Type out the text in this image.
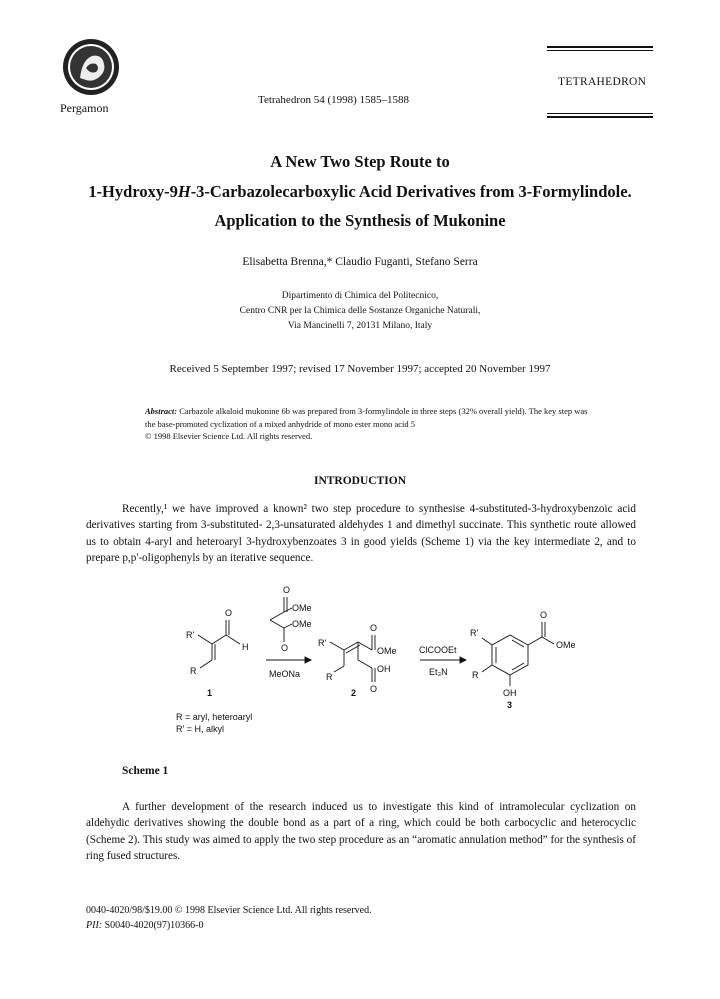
Pergamon
Tetrahedron 54 (1998) 1585–1588
TETRAHEDRON
A New Two Step Route to
1-Hydroxy-9H-3-Carbazolecarboxylic Acid Derivatives from 3-Formylindole.
Application to the Synthesis of Mukonine
Elisabetta Brenna,* Claudio Fuganti, Stefano Serra
Dipartimento di Chimica del Politecnico,
Centro CNR per la Chimica delle Sostanze Organiche Naturali,
Via Mancinelli 7, 20131 Milano, Italy
Received 5 September 1997; revised 17 November 1997; accepted 20 November 1997
Abstract: Carbazole alkaloid mukonine 6b was prepared from 3-formylindole in three steps (32% overall yield). The key step was the base-promoted cyclization of a mixed anhydride of mono ester mono acid 5
© 1998 Elsevier Science Ltd. All rights reserved.
INTRODUCTION

Recently,¹ we have improved a known² two step procedure to synthesise 4-substituted-3-hydroxybenzoic acid derivatives starting from 3-substituted- 2,3-unsaturated aldehydes 1 and dimethyl succinate. This synthetic route allowed us to obtain 4-aryl and heteroaryl 3-hydroxybenzoates 3 in good yields (Scheme 1) via the key intermediate 2, and to prepare p,p'-oligophenyls by an iterative sequence.

O
H
R'
R
O
OMe
OMe
O
MeONa
R'
R
O
OMe
OH
O
ClCOOEt
Et₃N
R'
R
O
OMe
OH
1	2
3
R = aryl, heteroaryl
R' = H, alkyl
Scheme 1

A further development of the research induced us to investigate this kind of intramolecular cyclization on aldehydic derivatives showing the double bond as a part of a ring, which could be both carbocyclic and heterocyclic (Scheme 2). This study was aimed to apply the two step procedure as an “aromatic annulation method” for the synthesis of ring fused structures.

0040-4020/98/$19.00 © 1998 Elsevier Science Ltd. All rights reserved.
PII: S0040-4020(97)10366-0
